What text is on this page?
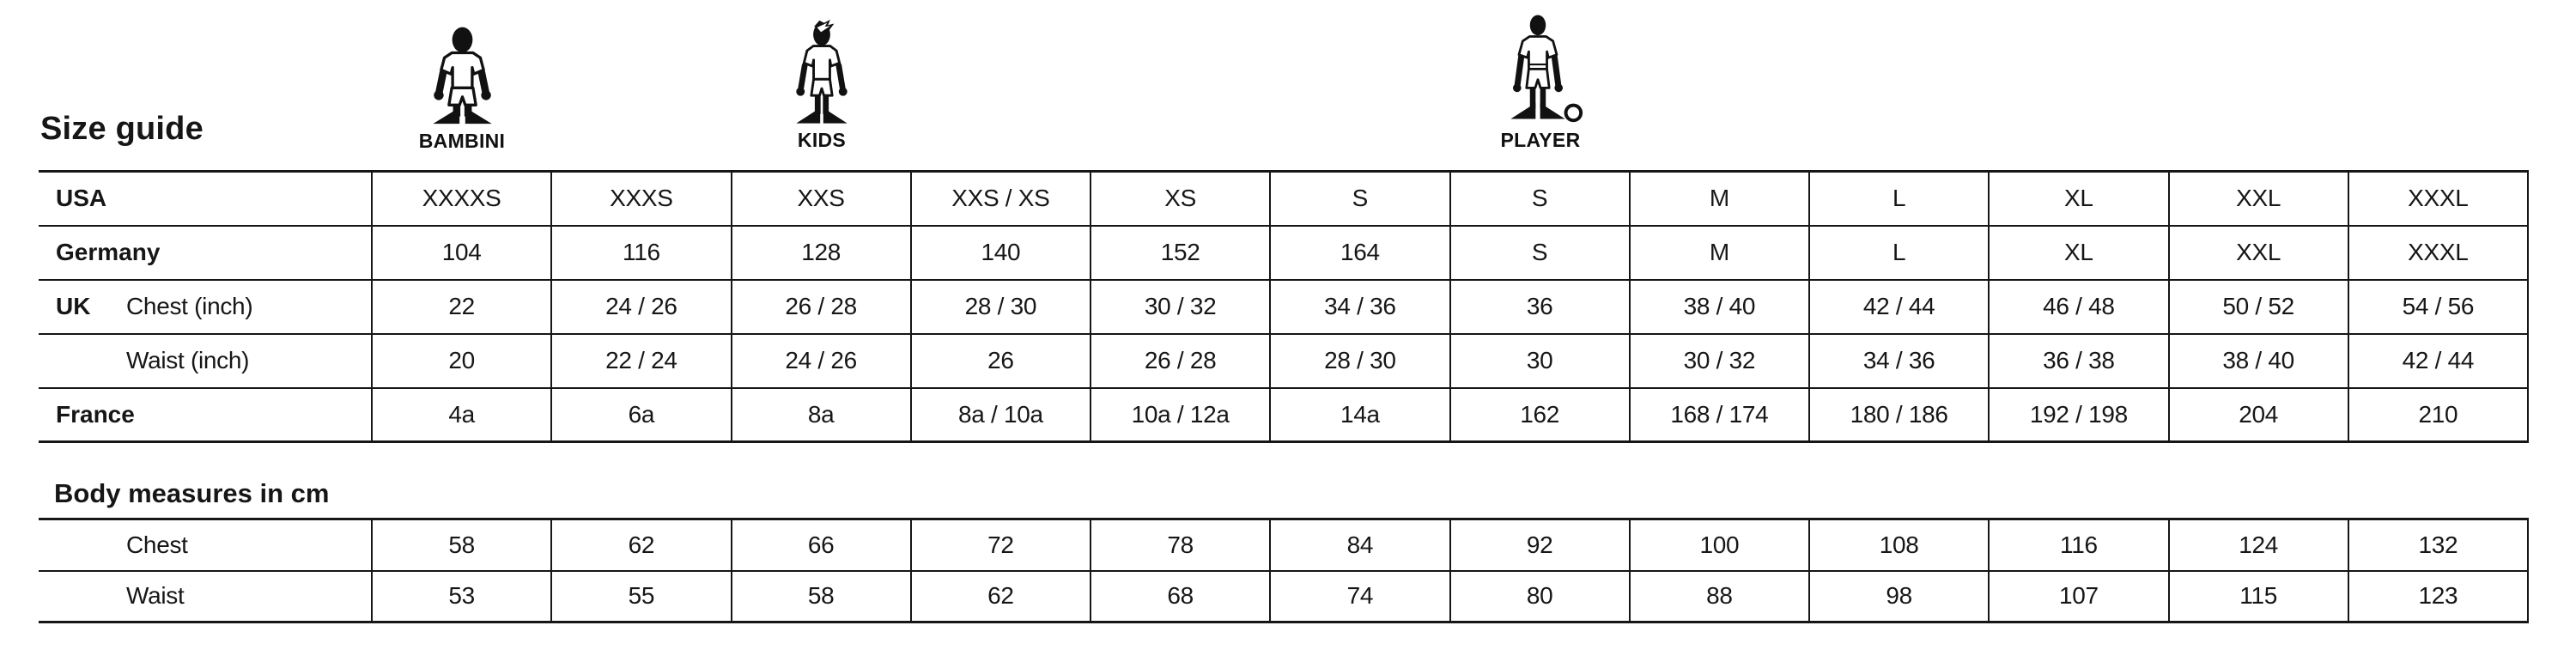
Size guide	BAMBINI	KIDS	PLAYER
USA	XXXXS	XXXS	XXS	XXS / XS	XS	S	S	M	L	XL	XXL	XXXL
Germany	104	116	128	140	152	164	S	M	L	XL	XXL	XXXL
UK Chest (inch)	22	24 / 26	26 / 28	28 / 30	30 / 32	34 / 36	36	38 / 40	42 / 44	46 / 48	50 / 52	54 / 56
Waist (inch)	20	22 / 24	24 / 26	26	26 / 28	28 / 30	30	30 / 32	34 / 36	36 / 38	38 / 40	42 / 44
France	4a	6a	8a	8a / 10a	10a / 12a	14a	162	168 / 174	180 / 186	192 / 198	204	210
Body measures in cm
Chest	58	62	66	72	78	84	92	100	108	116	124	132
Waist	53	55	58	62	68	74	80	88	98	107	115	123
